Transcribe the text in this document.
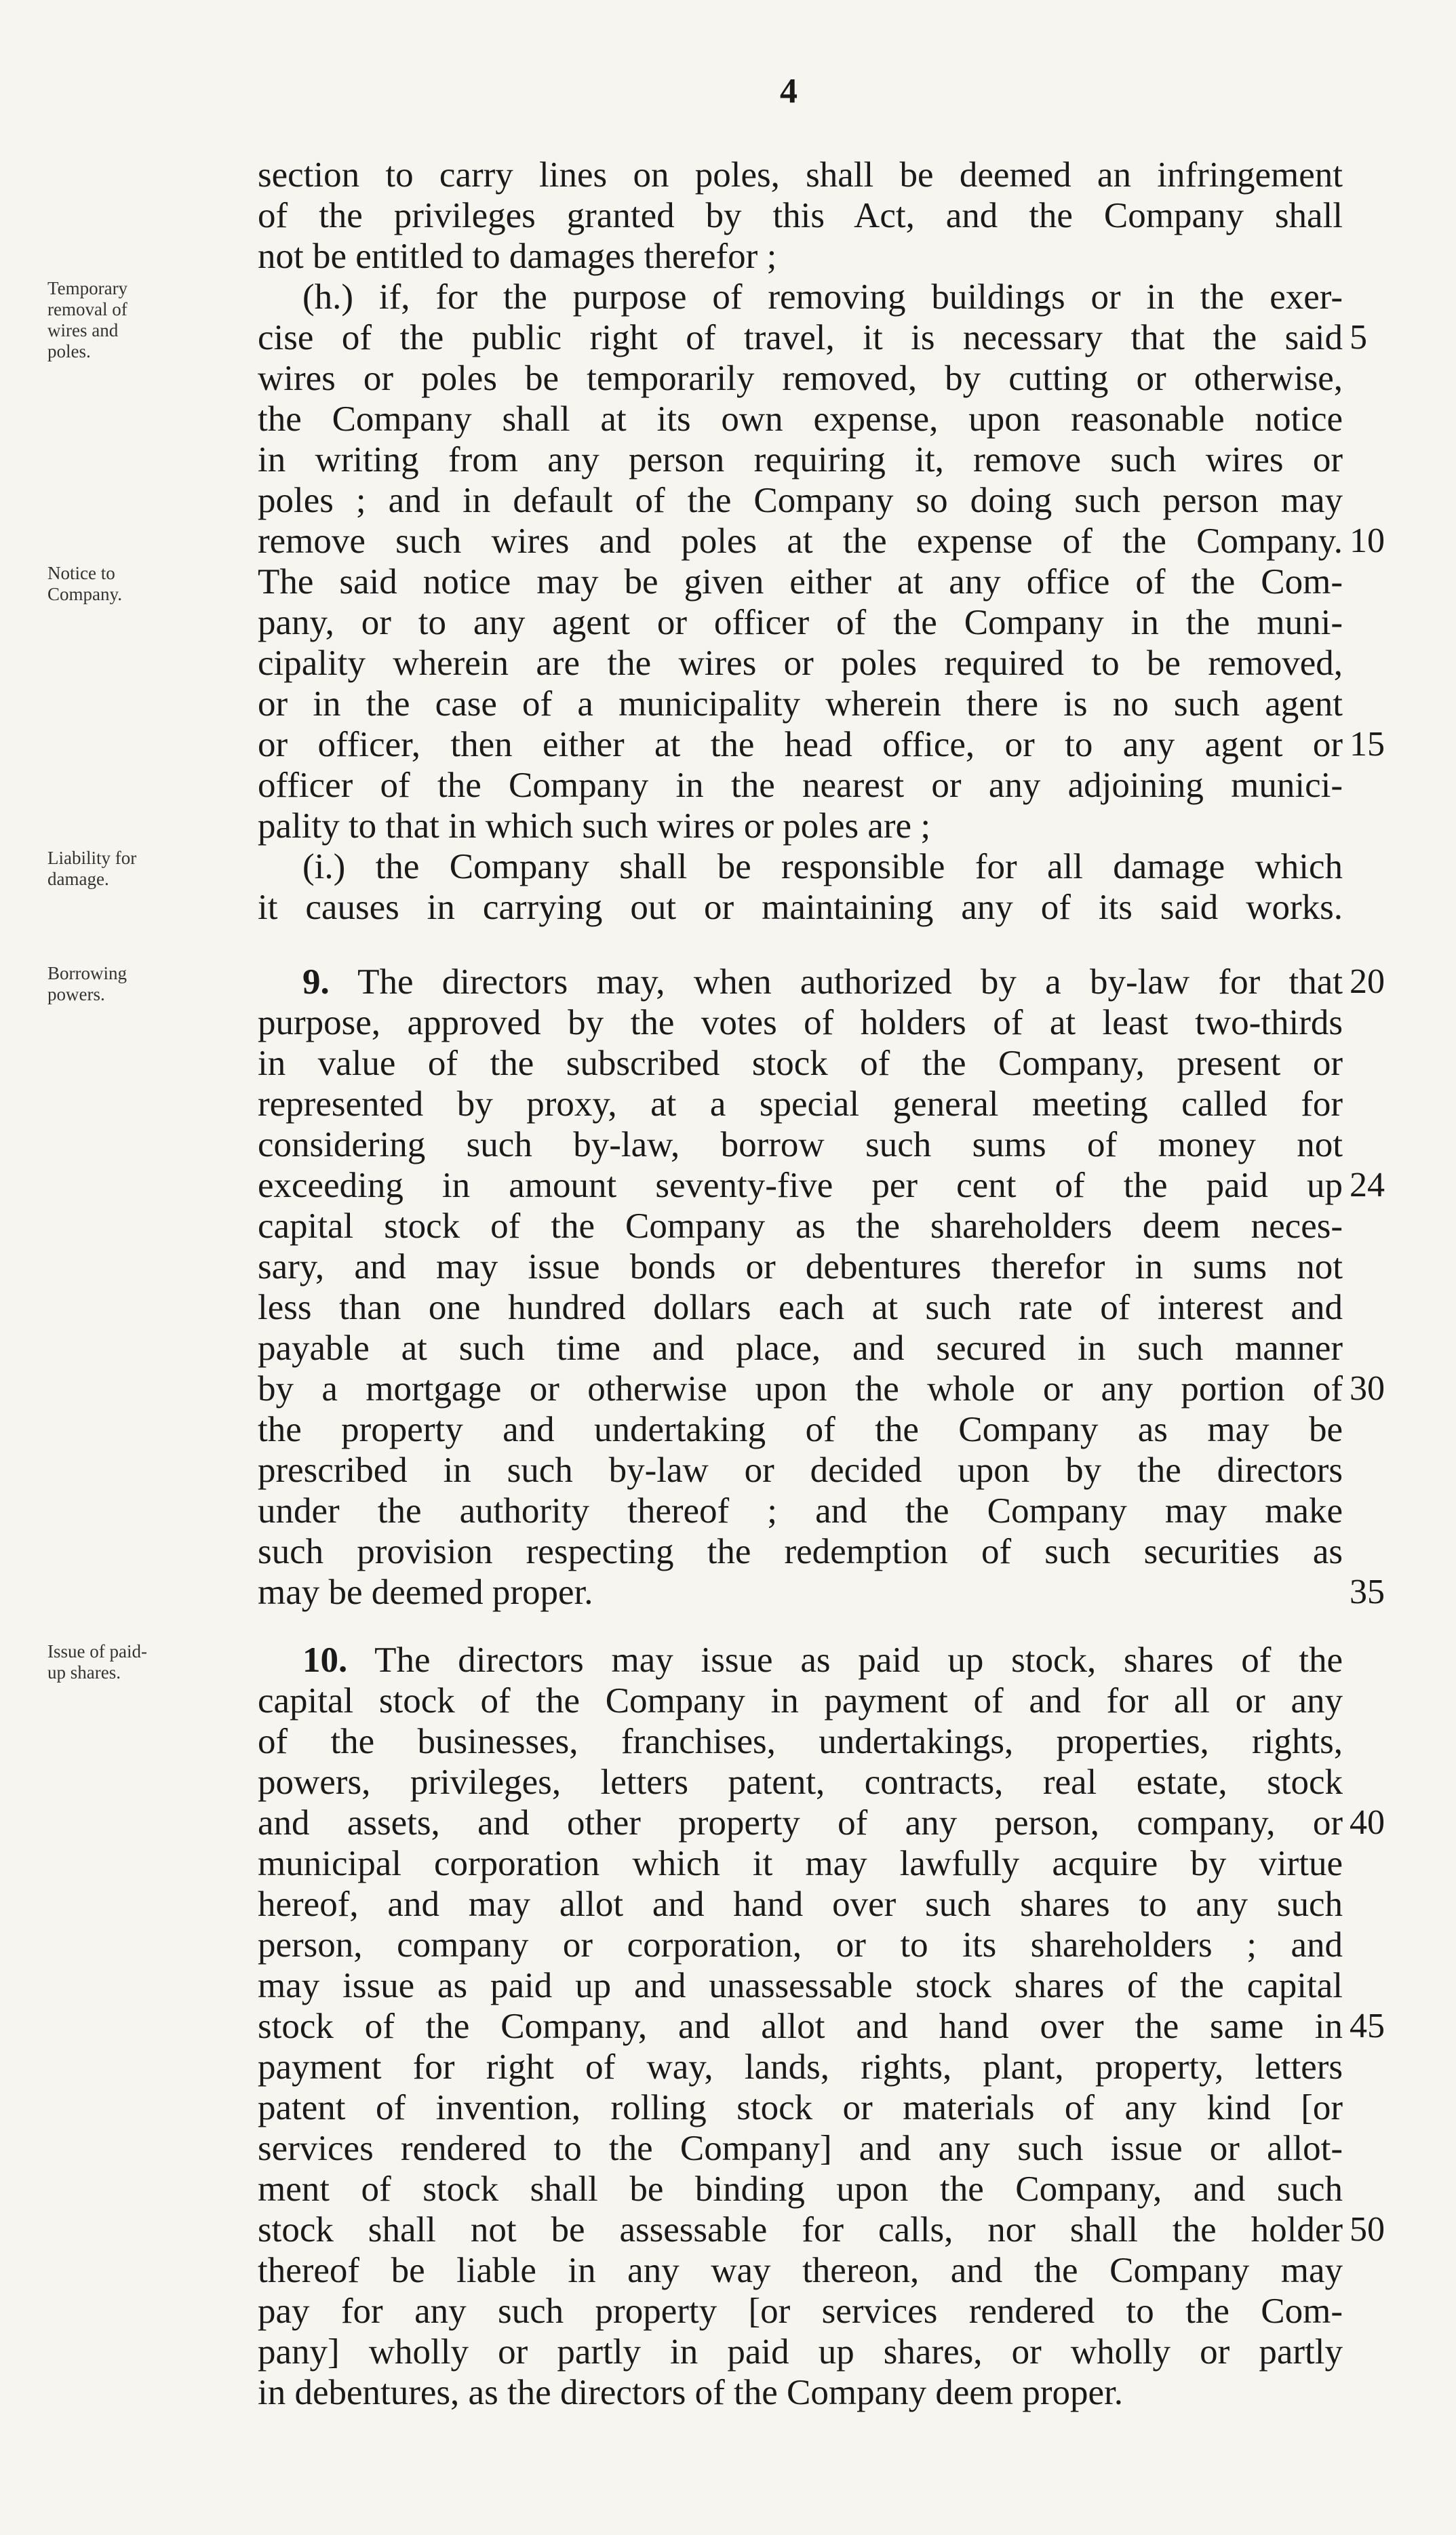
4
Temporary
removal of
wires and
poles.
Notice to
Company.
Liability for
damage.
Borrowing
powers.
Issue of paid-
up shares.
section to carry lines on poles, shall be deemed an infringement
of the privileges granted by this Act, and the Company shall
not be entitled to damages therefor ;
(h.) if, for the purpose of removing buildings or in the exer-
cise of the public right of travel, it is necessary that the said
wires or poles be temporarily removed, by cutting or otherwise,
the Company shall at its own expense, upon reasonable notice
in writing from any person requiring it, remove such wires or
poles ; and in default of the Company so doing such person may
remove such wires and poles at the expense of the Company.
The said notice may be given either at any office of the Com-
pany, or to any agent or officer of the Company in the muni-
cipality wherein are the wires or poles required to be removed,
or in the case of a municipality wherein there is no such agent
or officer, then either at the head office, or to any agent or
officer of the Company in the nearest or any adjoining munici-
pality to that in which such wires or poles are ;
(i.) the Company shall be responsible for all damage which
it causes in carrying out or maintaining any of its said works.
9. The directors may, when authorized by a by-law for that
purpose, approved by the votes of holders of at least two-thirds
in value of the subscribed stock of the Company, present or
represented by proxy, at a special general meeting called for
considering such by-law, borrow such sums of money not
exceeding in amount seventy-five per cent of the paid up
capital stock of the Company as the shareholders deem neces-
sary, and may issue bonds or debentures therefor in sums not
less than one hundred dollars each at such rate of interest and
payable at such time and place, and secured in such manner
by a mortgage or otherwise upon the whole or any portion of
the property and undertaking of the Company as may be
prescribed in such by-law or decided upon by the directors
under the authority thereof ; and the Company may make
such provision respecting the redemption of such securities as
may be deemed proper.
10. The directors may issue as paid up stock, shares of the
capital stock of the Company in payment of and for all or any
of the businesses, franchises, undertakings, properties, rights,
powers, privileges, letters patent, contracts, real estate, stock
and assets, and other property of any person, company, or
municipal corporation which it may lawfully acquire by virtue
hereof, and may allot and hand over such shares to any such
person, company or corporation, or to its shareholders ; and
may issue as paid up and unassessable stock shares of the capital
stock of the Company, and allot and hand over the same in
payment for right of way, lands, rights, plant, property, letters
patent of invention, rolling stock or materials of any kind [or
services rendered to the Company] and any such issue or allot-
ment of stock shall be binding upon the Company, and such
stock shall not be assessable for calls, nor shall the holder
thereof be liable in any way thereon, and the Company may
pay for any such property [or services rendered to the Com-
pany] wholly or partly in paid up shares, or wholly or partly
in debentures, as the directors of the Company deem proper.
5
10
15
20
24
30
35
40
45
50
